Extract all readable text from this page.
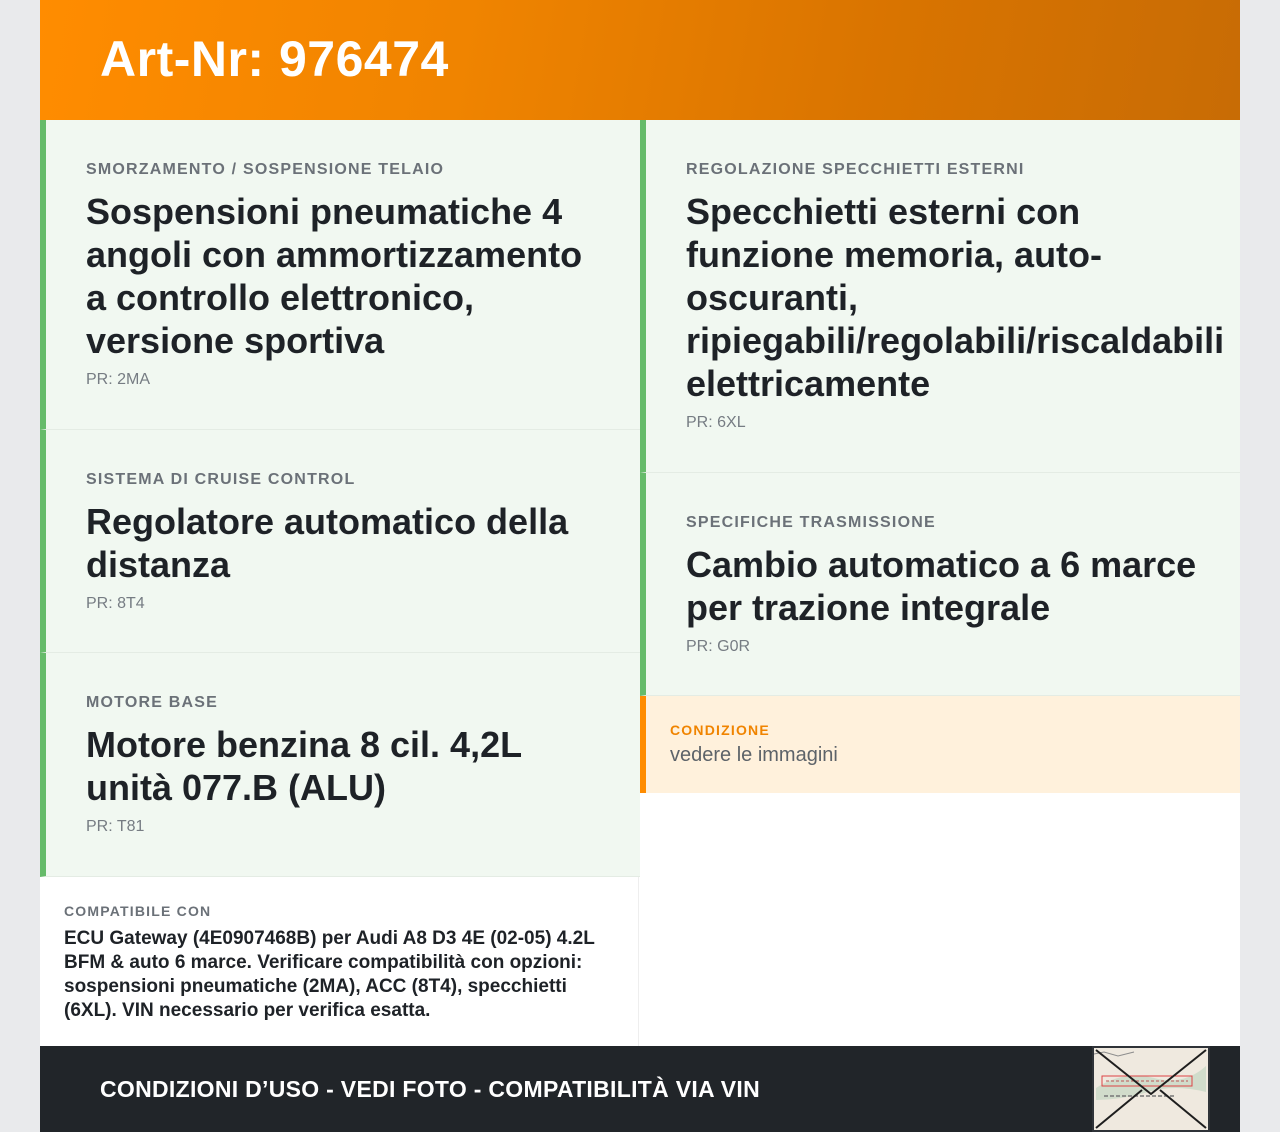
Art-Nr: 976474
SMORZAMENTO / SOSPENSIONE TELAIO
Sospensioni pneumatiche 4 angoli con ammortizzamento a controllo elettronico, versione sportiva
PR: 2MA
SISTEMA DI CRUISE CONTROL
Regolatore automatico della distanza
PR: 8T4
MOTORE BASE
Motore benzina 8 cil. 4,2L unità 077.B (ALU)
PR: T81
REGOLAZIONE SPECCHIETTI ESTERNI
Specchietti esterni con funzione memoria, auto-oscuranti, ripiegabili/regolabili/riscaldabili elettricamente
PR: 6XL
SPECIFICHE TRASMISSIONE
Cambio automatico a 6 marce per trazione integrale
PR: G0R
CONDIZIONE
vedere le immagini
COMPATIBILE CON
ECU Gateway (4E0907468B) per Audi A8 D3 4E (02-05) 4.2L BFM & auto 6 marce. Verificare compatibilità con opzioni: sospensioni pneumatiche (2MA), ACC (8T4), specchietti (6XL). VIN necessario per verifica esatta.
CONDIZIONI D’USO - VEDI FOTO - COMPATIBILITÀ VIA VIN
